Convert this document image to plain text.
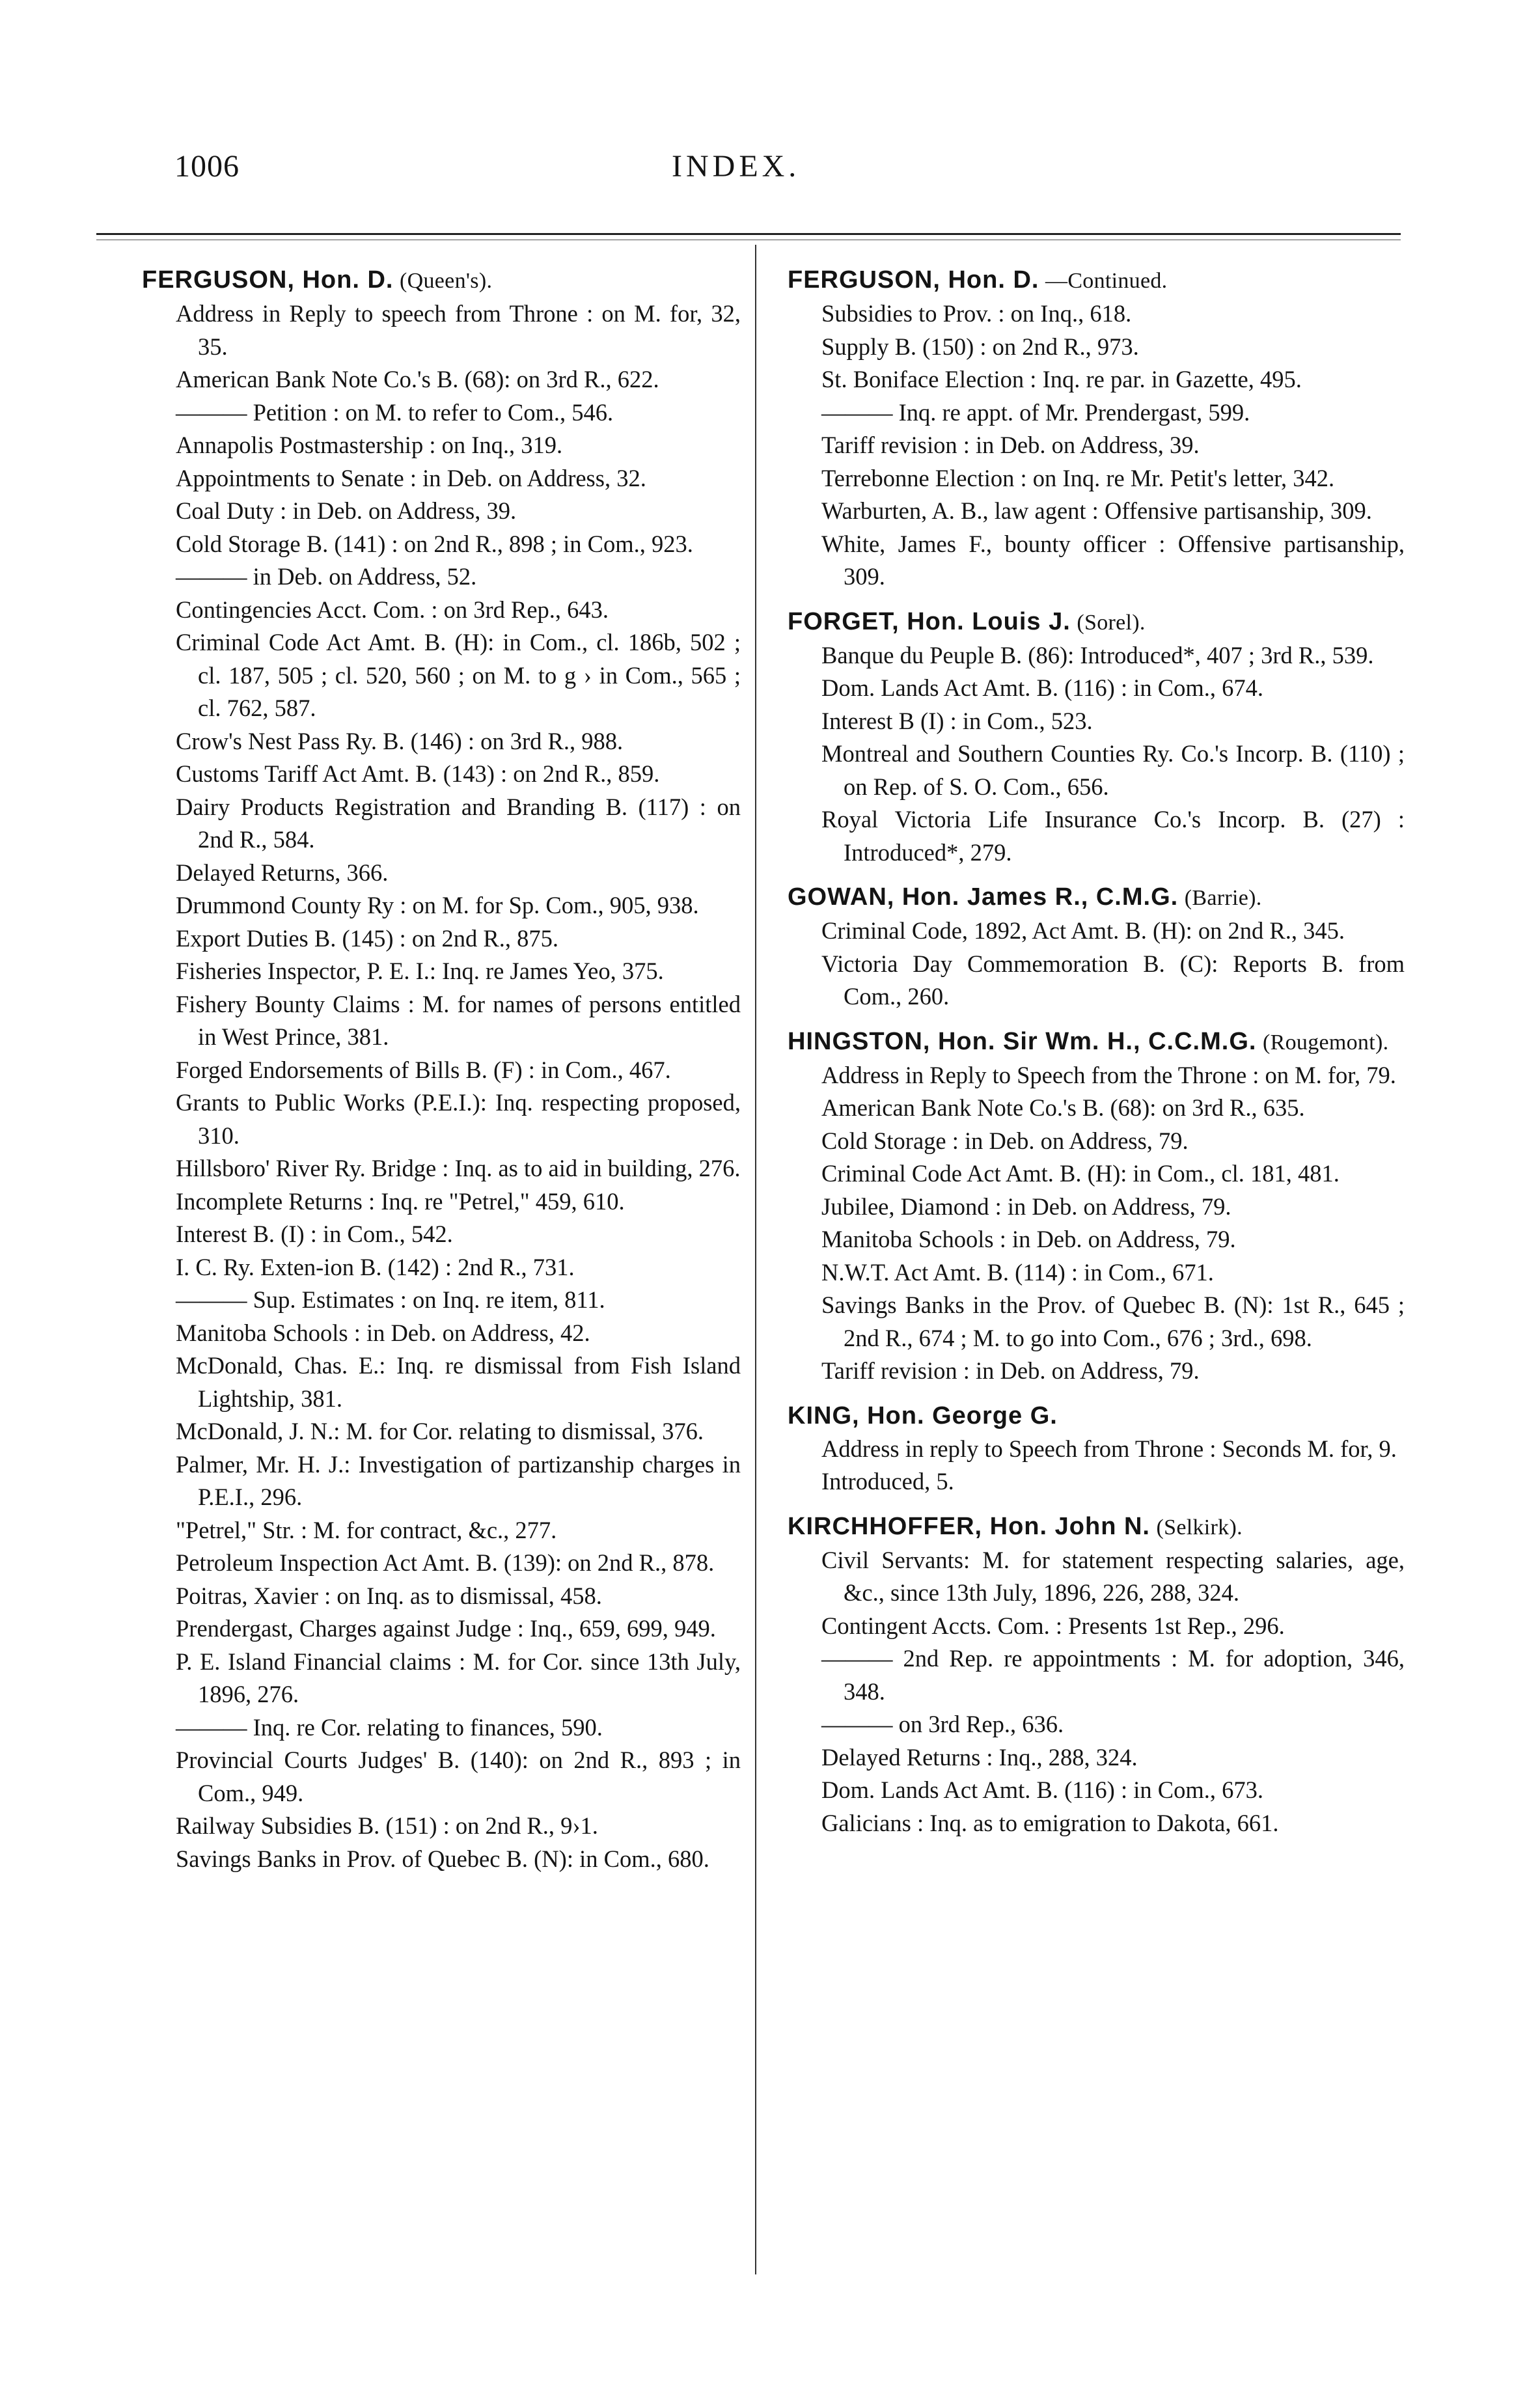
1006	INDEX.
FERGUSON, Hon. D. (Queen's).
Address in Reply to speech from Throne : on M. for, 32, 35.
American Bank Note Co.'s B. (68): on 3rd R., 622.
——— Petition : on M. to refer to Com., 546.
Annapolis Postmastership : on Inq., 319.
Appointments to Senate : in Deb. on Address, 32.
Coal Duty : in Deb. on Address, 39.
Cold Storage B. (141) : on 2nd R., 898 ; in Com., 923.
——— in Deb. on Address, 52.
Contingencies Acct. Com. : on 3rd Rep., 643.
Criminal Code Act Amt. B. (H): in Com., cl. 186b, 502 ; cl. 187, 505 ; cl. 520, 560 ; on M. to g › in Com., 565 ; cl. 762, 587.
Crow's Nest Pass Ry. B. (146) : on 3rd R., 988.
Customs Tariff Act Amt. B. (143) : on 2nd R., 859.
Dairy Products Registration and Branding B. (117) : on 2nd R., 584.
Delayed Returns, 366.
Drummond County Ry : on M. for Sp. Com., 905, 938.
Export Duties B. (145) : on 2nd R., 875.
Fisheries Inspector, P. E. I.: Inq. re James Yeo, 375.
Fishery Bounty Claims : M. for names of persons entitled in West Prince, 381.
Forged Endorsements of Bills B. (F) : in Com., 467.
Grants to Public Works (P.E.I.): Inq. respecting proposed, 310.
Hillsboro' River Ry. Bridge : Inq. as to aid in building, 276.
Incomplete Returns : Inq. re "Petrel," 459, 610.
Interest B. (I) : in Com., 542.
I. C. Ry. Exten‐ion B. (142) : 2nd R., 731.
——— Sup. Estimates : on Inq. re item, 811.
Manitoba Schools : in Deb. on Address, 42.
McDonald, Chas. E.: Inq. re dismissal from Fish Island Lightship, 381.
McDonald, J. N.: M. for Cor. relating to dismissal, 376.
Palmer, Mr. H. J.: Investigation of partizanship charges in P.E.I., 296.
"Petrel," Str. : M. for contract, &c., 277.
Petroleum Inspection Act Amt. B. (139): on 2nd R., 878.
Poitras, Xavier : on Inq. as to dismissal, 458.
Prendergast, Charges against Judge : Inq., 659, 699, 949.
P. E. Island Financial claims : M. for Cor. since 13th July, 1896, 276.
——— Inq. re Cor. relating to finances, 590.
Provincial Courts Judges' B. (140): on 2nd R., 893 ; in Com., 949.
Railway Subsidies B. (151) : on 2nd R., 9›1.
Savings Banks in Prov. of Quebec B. (N): in Com., 680.
FERGUSON, Hon. D. —Continued.
Subsidies to Prov. : on Inq., 618.
Supply B. (150) : on 2nd R., 973.
St. Boniface Election : Inq. re par. in Gazette, 495.
——— Inq. re appt. of Mr. Prendergast, 599.
Tariff revision : in Deb. on Address, 39.
Terrebonne Election : on Inq. re Mr. Petit's letter, 342.
Warburten, A. B., law agent : Offensive partisanship, 309.
White, James F., bounty officer : Offensive partisanship, 309.
FORGET, Hon. Louis J. (Sorel).
Banque du Peuple B. (86): Introduced*, 407 ; 3rd R., 539.
Dom. Lands Act Amt. B. (116) : in Com., 674.
Interest B (I) : in Com., 523.
Montreal and Southern Counties Ry. Co.'s Incorp. B. (110) ; on Rep. of S. O. Com., 656.
Royal Victoria Life Insurance Co.'s Incorp. B. (27) : Introduced*, 279.
GOWAN, Hon. James R., C.M.G. (Barrie).
Criminal Code, 1892, Act Amt. B. (H): on 2nd R., 345.
Victoria Day Commemoration B. (C): Reports B. from Com., 260.
HINGSTON, Hon. Sir Wm. H., C.C.M.G. (Rougemont).
Address in Reply to Speech from the Throne : on M. for, 79.
American Bank Note Co.'s B. (68): on 3rd R., 635.
Cold Storage : in Deb. on Address, 79.
Criminal Code Act Amt. B. (H): in Com., cl. 181, 481.
Jubilee, Diamond : in Deb. on Address, 79.
Manitoba Schools : in Deb. on Address, 79.
N.W.T. Act Amt. B. (114) : in Com., 671.
Savings Banks in the Prov. of Quebec B. (N): 1st R., 645 ; 2nd R., 674 ; M. to go into Com., 676 ; 3rd., 698.
Tariff revision : in Deb. on Address, 79.
KING, Hon. George G.
Address in reply to Speech from Throne : Seconds M. for, 9.
Introduced, 5.
KIRCHHOFFER, Hon. John N. (Selkirk).
Civil Servants: M. for statement respecting salaries, age, &c., since 13th July, 1896, 226, 288, 324.
Contingent Accts. Com. : Presents 1st Rep., 296.
——— 2nd Rep. re appointments : M. for adoption, 346, 348.
——— on 3rd Rep., 636.
Delayed Returns : Inq., 288, 324.
Dom. Lands Act Amt. B. (116) : in Com., 673.
Galicians : Inq. as to emigration to Dakota, 661.
